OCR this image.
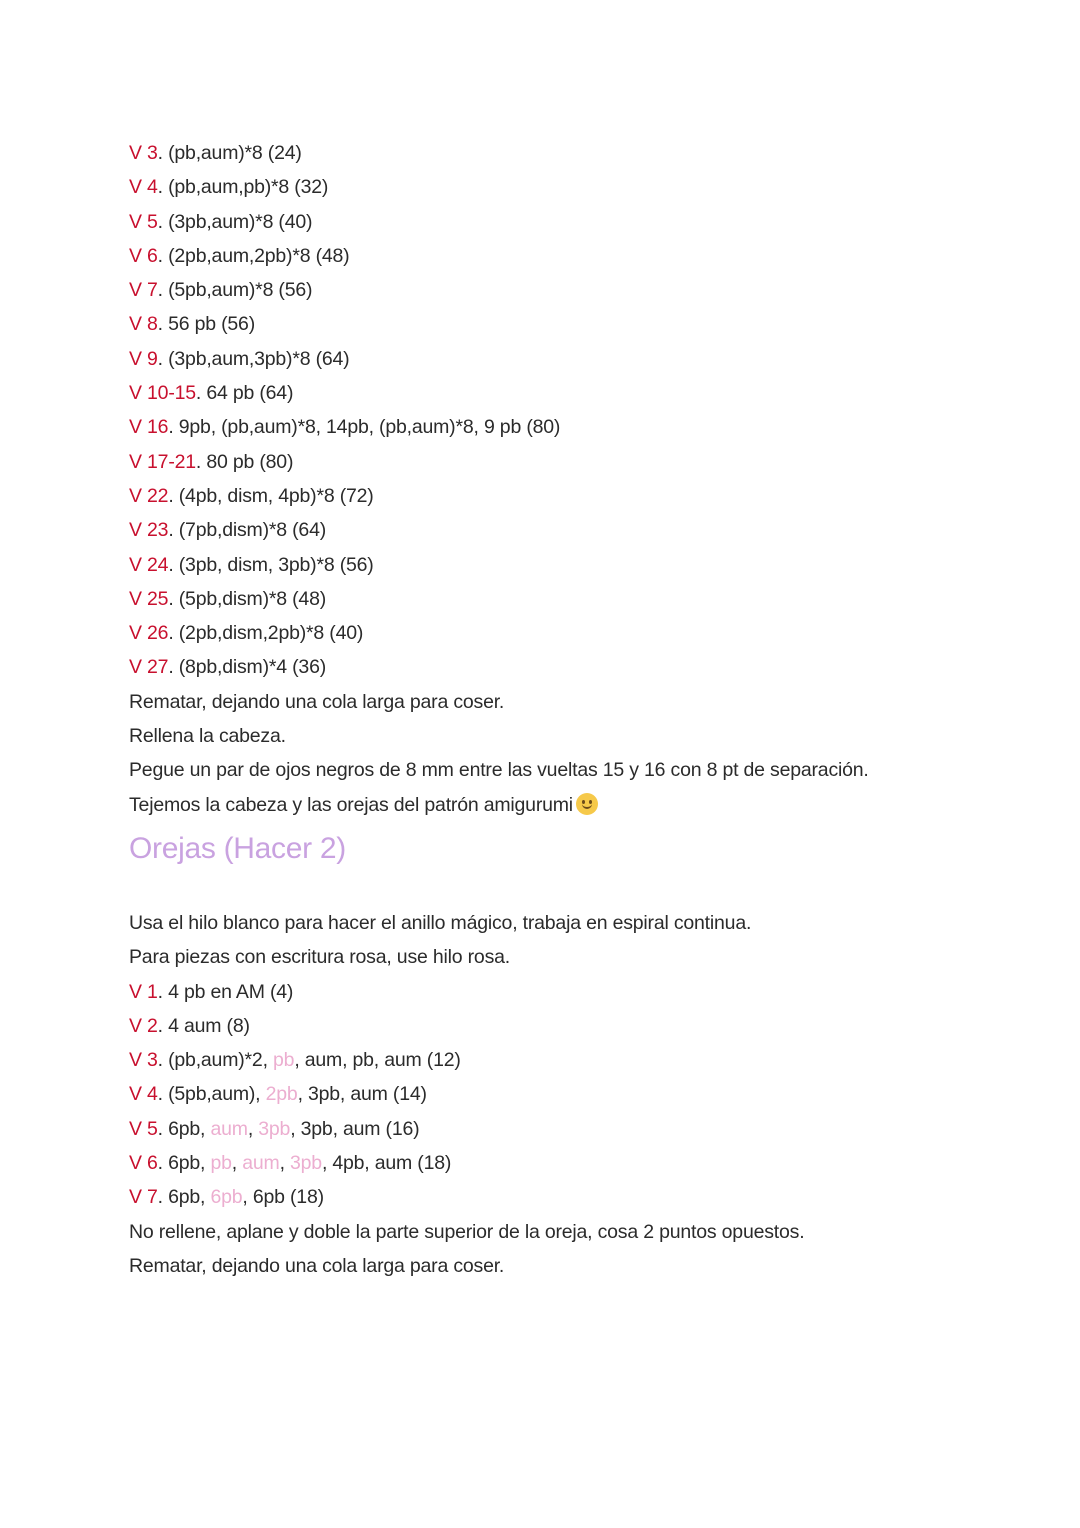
V 3. (pb,aum)*8 (24)
V 4. (pb,aum,pb)*8 (32)
V 5. (3pb,aum)*8 (40)
V 6. (2pb,aum,2pb)*8 (48)
V 7. (5pb,aum)*8 (56)
V 8. 56 pb (56)
V 9. (3pb,aum,3pb)*8 (64)
V 10-15. 64 pb (64)
V 16. 9pb, (pb,aum)*8, 14pb, (pb,aum)*8, 9 pb (80)
V 17-21. 80 pb (80)
V 22. (4pb, dism, 4pb)*8 (72)
V 23. (7pb,dism)*8 (64)
V 24. (3pb, dism, 3pb)*8 (56)
V 25. (5pb,dism)*8 (48)
V 26. (2pb,dism,2pb)*8 (40)
V 27. (8pb,dism)*4 (36)
Rematar, dejando una cola larga para coser.
Rellena la cabeza.
Pegue un par de ojos negros de 8 mm entre las vueltas 15 y 16 con 8 pt de separación.
Tejemos la cabeza y las orejas del patrón amigurumi
Orejas (Hacer 2)
Usa el hilo blanco para hacer el anillo mágico, trabaja en espiral continua.
Para piezas con escritura rosa, use hilo rosa.
V 1. 4 pb en AM (4)
V 2. 4 aum (8)
V 3. (pb,aum)*2, pb, aum, pb, aum (12)
V 4. (5pb,aum), 2pb, 3pb, aum (14)
V 5. 6pb, aum, 3pb, 3pb, aum (16)
V 6. 6pb, pb, aum, 3pb, 4pb, aum (18)
V 7. 6pb, 6pb, 6pb (18)
No rellene, aplane y doble la parte superior de la oreja, cosa 2 puntos opuestos.
Rematar, dejando una cola larga para coser.
